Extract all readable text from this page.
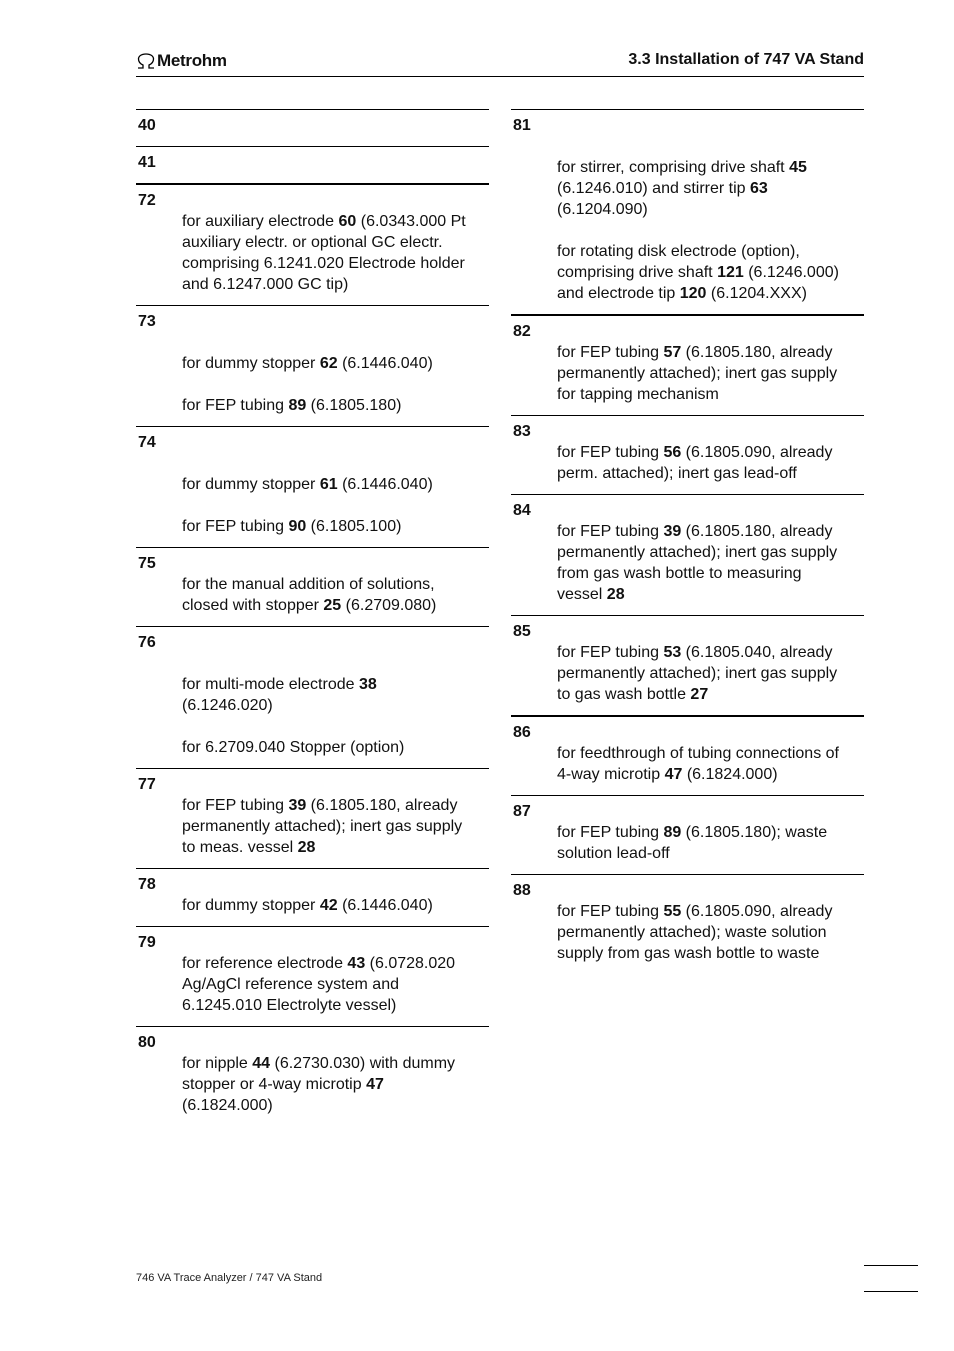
Metrohm	3.3 Installation of 747 VA Stand
40
41
72
for auxiliary electrode 60 (6.0343.000 Pt
auxiliary electr. or optional GC electr.
comprising 6.1241.020 Electrode holder
and 6.1247.000 GC tip)
73
for dummy stopper 62 (6.1446.040)
for FEP tubing 89 (6.1805.180)
74
for dummy stopper 61 (6.1446.040)
for FEP tubing 90 (6.1805.100)
75
for the manual addition of solutions,
closed with stopper 25 (6.2709.080)
76
for multi-mode electrode 38
(6.1246.020)
for 6.2709.040 Stopper (option)
77
for FEP tubing 39 (6.1805.180, already
permanently attached); inert gas supply
to meas. vessel 28
78
for dummy stopper 42 (6.1446.040)
79
for reference electrode 43 (6.0728.020
Ag/AgCl reference system and
6.1245.010 Electrolyte vessel)
80
for nipple 44 (6.2730.030) with dummy
stopper or 4-way microtip 47
(6.1824.000)
81
for stirrer, comprising drive shaft 45
(6.1246.010) and stirrer tip 63
(6.1204.090)
for rotating disk electrode (option),
comprising drive shaft 121 (6.1246.000)
and electrode tip 120 (6.1204.XXX)
82
for FEP tubing 57 (6.1805.180, already
permanently attached); inert gas supply
for tapping mechanism
83
for FEP tubing 56 (6.1805.090, already
perm. attached); inert gas lead-off
84
for FEP tubing 39 (6.1805.180, already
permanently attached); inert gas supply
from gas wash bottle to measuring
vessel 28
85
for FEP tubing 53 (6.1805.040, already
permanently attached); inert gas supply
to gas wash bottle 27
86
for feedthrough of tubing connections of
4-way microtip 47 (6.1824.000)
87
for FEP tubing 89 (6.1805.180); waste
solution lead-off
88
for FEP tubing 55 (6.1805.090, already
permanently attached); waste solution
supply from gas wash bottle to waste
746 VA Trace Analyzer / 747 VA Stand
